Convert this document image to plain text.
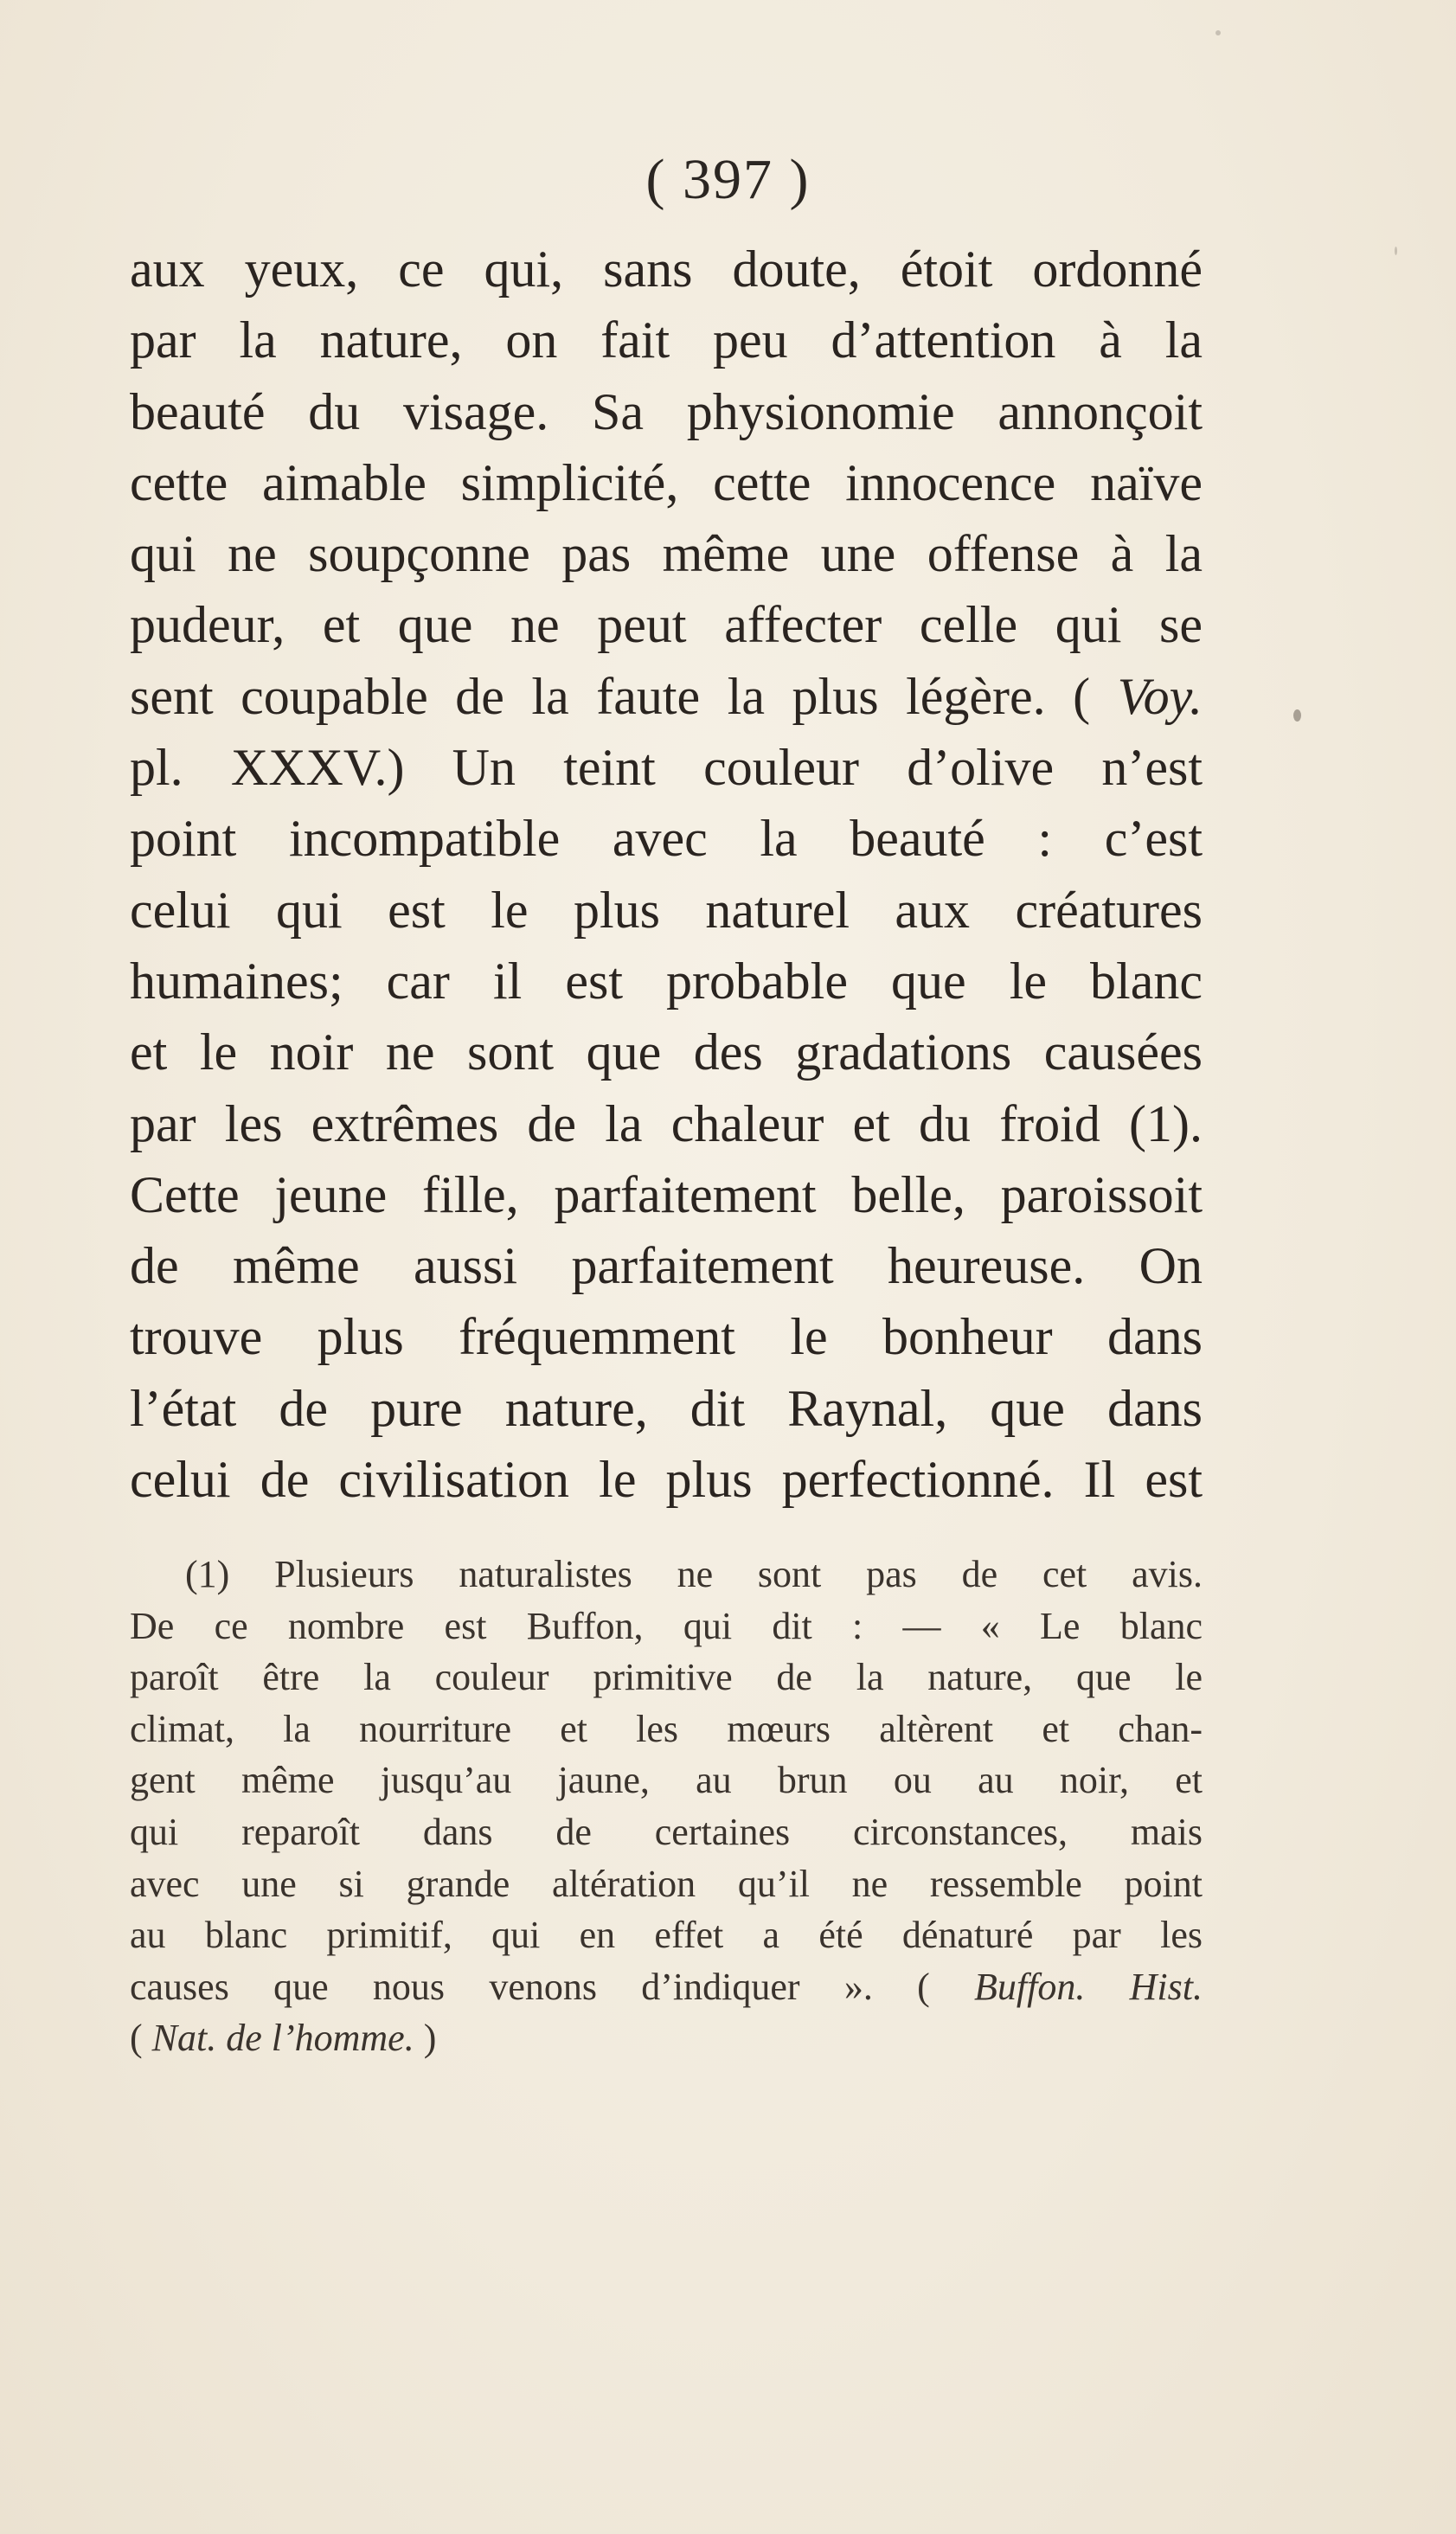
( 397 )
aux yeux, ce qui, sans doute, étoit ordonné
par la nature, on fait peu d’attention à la
beauté du visage. Sa physionomie annonçoit
cette aimable simplicité, cette innocence naïve
qui ne soupçonne pas même une offense à la
pudeur, et que ne peut affecter celle qui se
sent coupable de la faute la plus légère. ( Voy.
pl. XXXV.) Un teint couleur d’olive n’est
point incompatible avec la beauté : c’est
celui qui est le plus naturel aux créatures
humaines; car il est probable que le blanc
et le noir ne sont que des gradations causées
par les extrêmes de la chaleur et du froid (1).
Cette jeune fille, parfaitement belle, paroissoit
de même aussi parfaitement heureuse. On
trouve plus fréquemment le bonheur dans
l’état de pure nature, dit Raynal, que dans
celui de civilisation le plus perfectionné. Il est
(1) Plusieurs naturalistes ne sont pas de cet avis.
De ce nombre est Buffon, qui dit : — « Le blanc
paroît être la couleur primitive de la nature, que le
climat, la nourriture et les mœurs altèrent et chan-
gent même jusqu’au jaune, au brun ou au noir, et
qui reparoît dans de certaines circonstances, mais
avec une si grande altération qu’il ne ressemble point
au blanc primitif, qui en effet a été dénaturé par les
causes que nous venons d’indiquer ». ( Buffon. Hist.
( Nat. de l’homme. )
